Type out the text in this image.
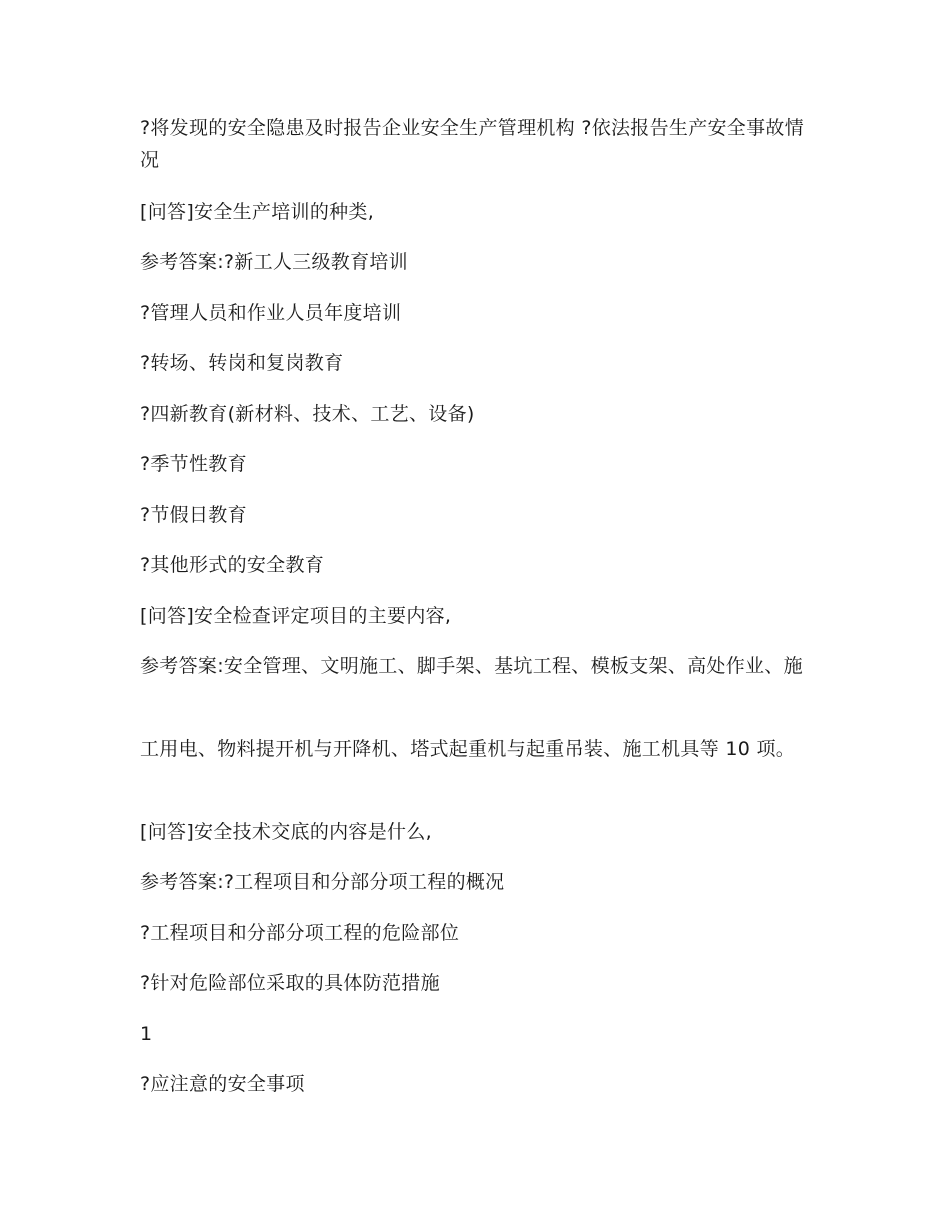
?将发现的安全隐患及时报告企业安全生产管理机构 ?依法报告生产安全事故情况

[问答]安全生产培训的种类,

参考答案:?新工人三级教育培训

?管理人员和作业人员年度培训

?转场、转岗和复岗教育

?四新教育(新材料、技术、工艺、设备)

?季节性教育

?节假日教育

?其他形式的安全教育

[问答]安全检查评定项目的主要内容,

参考答案:安全管理、文明施工、脚手架、基坑工程、模板支架、高处作业、施

工用电、物料提开机与开降机、塔式起重机与起重吊装、施工机具等 10 项。

[问答]安全技术交底的内容是什么,

参考答案:?工程项目和分部分项工程的概况

?工程项目和分部分项工程的危险部位

?针对危险部位采取的具体防范措施

1

?应注意的安全事项
